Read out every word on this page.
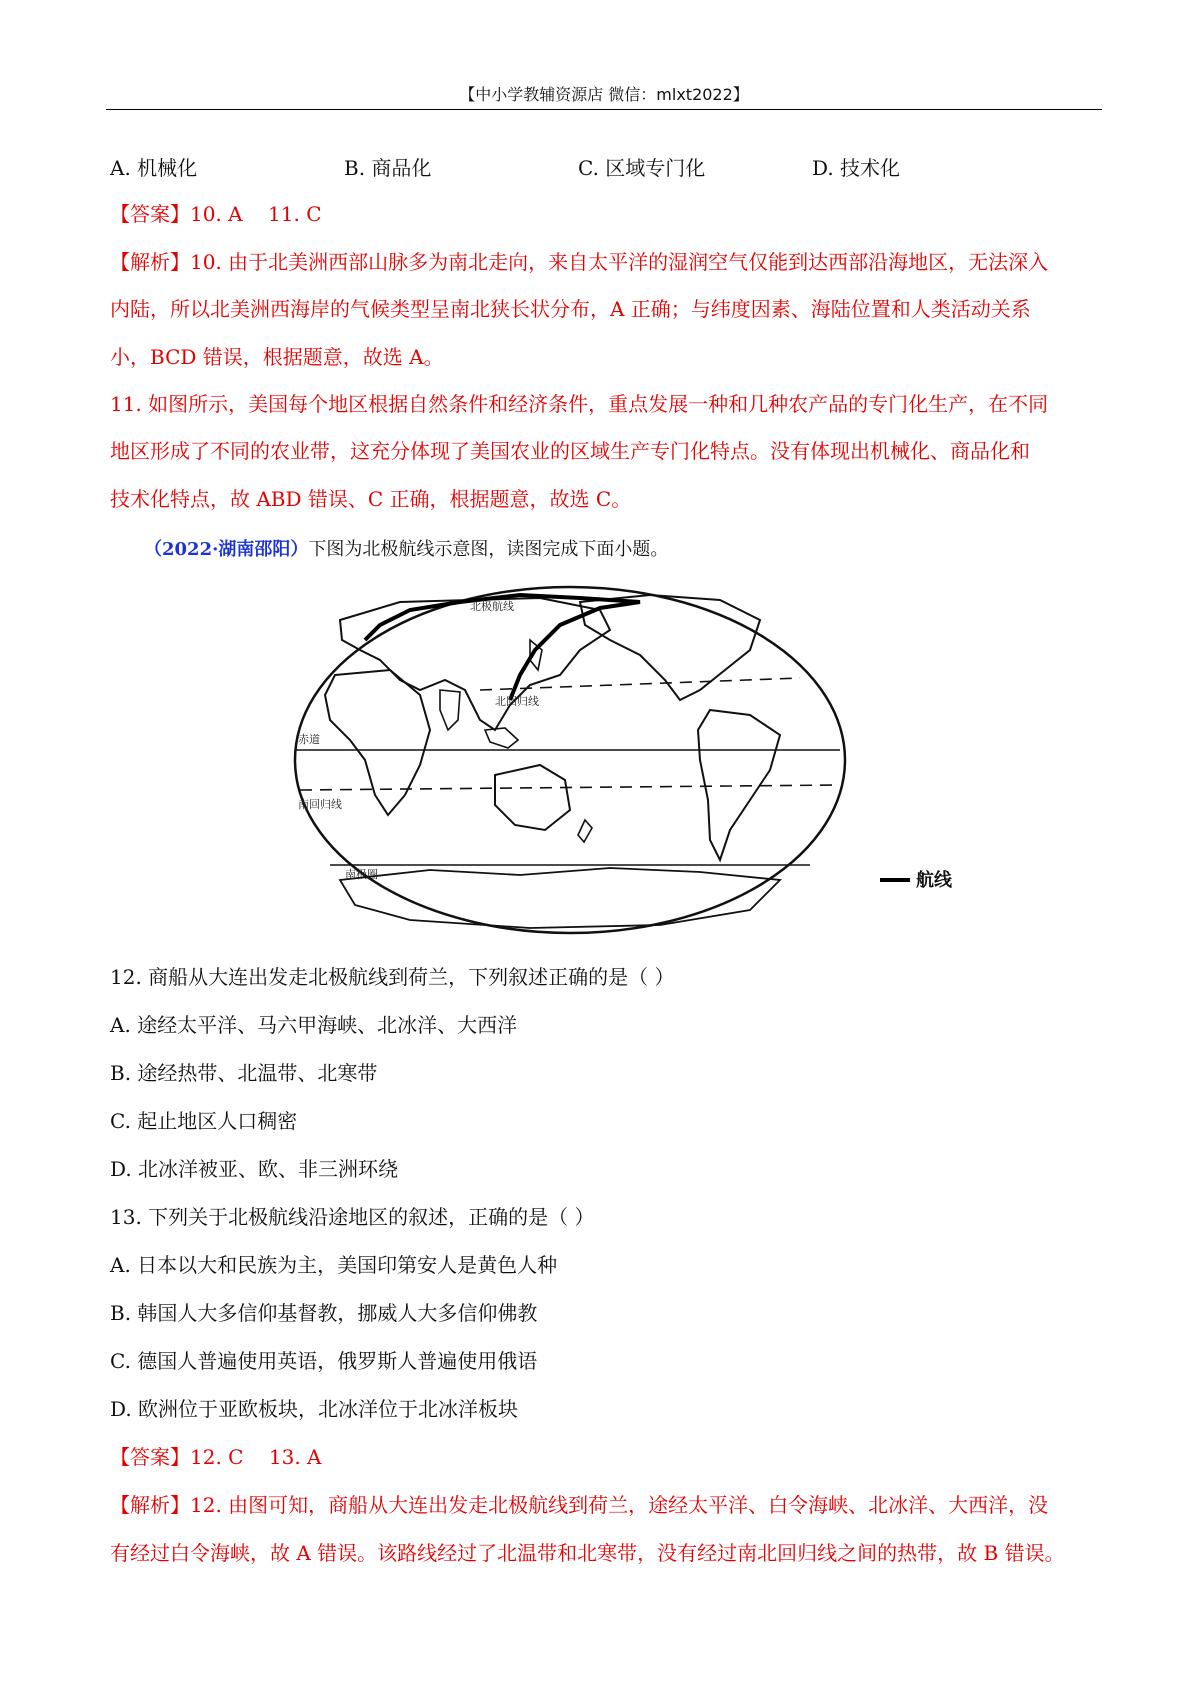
【中小学教辅资源店 微信：mlxt2022】
A. 机械化	B. 商品化	C. 区域专门化	D. 技术化
【答案】10. A    11. C
【解析】10. 由于北美洲西部山脉多为南北走向，来自太平洋的湿润空气仅能到达西部沿海地区，无法深入
内陆，所以北美洲西海岸的气候类型呈南北狭长状分布，A 正确；与纬度因素、海陆位置和人类活动关系
小，BCD 错误，根据题意，故选 A。
11. 如图所示，美国每个地区根据自然条件和经济条件，重点发展一种和几种农产品的专门化生产，在不同
地区形成了不同的农业带，这充分体现了美国农业的区域生产专门化特点。没有体现出机械化、商品化和
技术化特点，故 ABD 错误、C 正确，根据题意，故选 C。
（2022·湖南邵阳）下图为北极航线示意图，读图完成下面小题。
北极航线
北回归线
赤道
南回归线
南极圈	航线
12. 商船从大连出发走北极航线到荷兰，下列叙述正确的是（ ）
A. 途经太平洋、马六甲海峡、北冰洋、大西洋
B. 途经热带、北温带、北寒带
C. 起止地区人口稠密
D. 北冰洋被亚、欧、非三洲环绕
13. 下列关于北极航线沿途地区的叙述，正确的是（ ）
A. 日本以大和民族为主，美国印第安人是黄色人种
B. 韩国人大多信仰基督教，挪威人大多信仰佛教
C. 德国人普遍使用英语，俄罗斯人普遍使用俄语
D. 欧洲位于亚欧板块，北冰洋位于北冰洋板块
【答案】12. C    13. A
【解析】12. 由图可知，商船从大连出发走北极航线到荷兰，途经太平洋、白令海峡、北冰洋、大西洋，没
有经过白令海峡，故 A 错误。该路线经过了北温带和北寒带，没有经过南北回归线之间的热带，故 B 错误。
